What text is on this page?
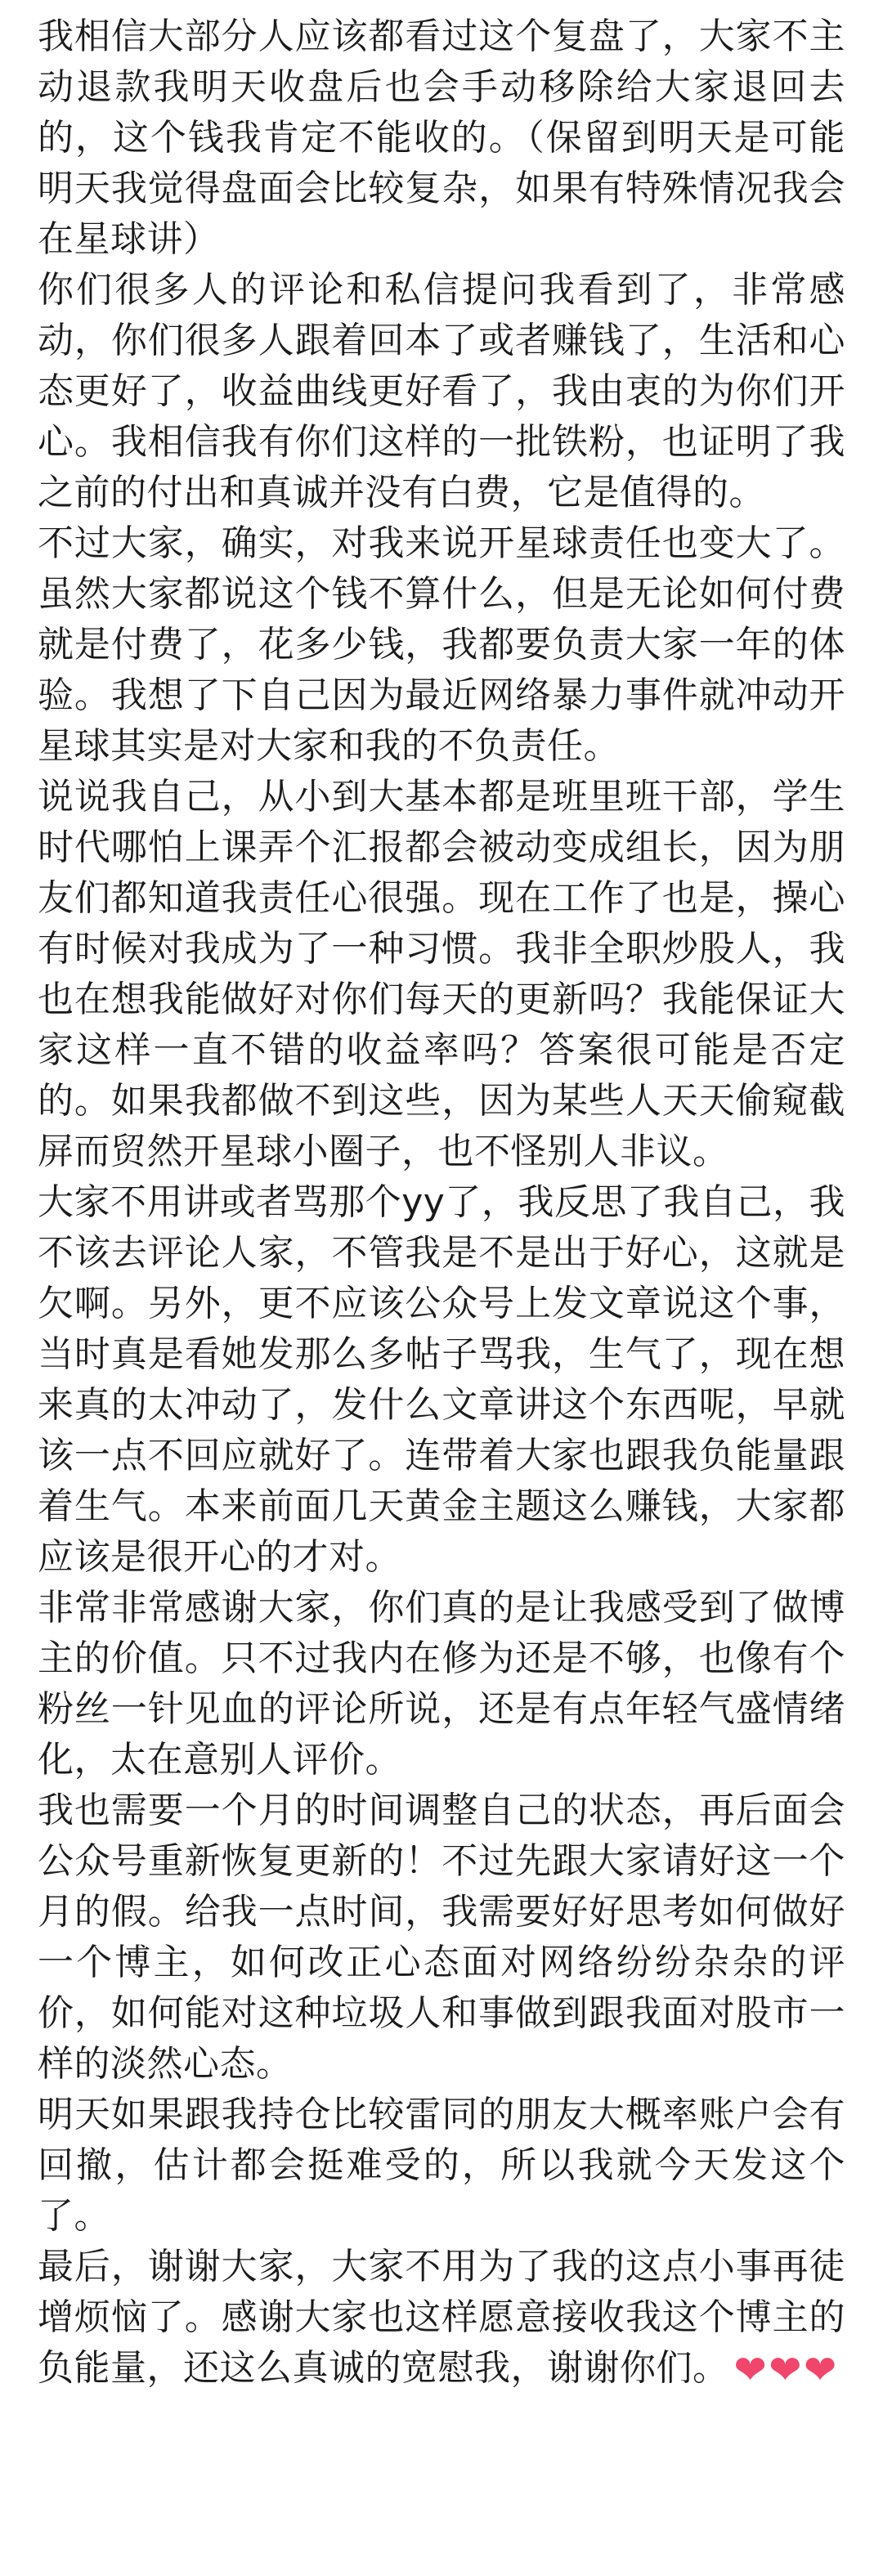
我相信大部分人应该都看过这个复盘了，大家不主动退款我明天收盘后也会手动移除给大家退回去的，这个钱我肯定不能收的。（保留到明天是可能明天我觉得盘面会比较复杂，如果有特殊情况我会在星球讲）

你们很多人的评论和私信提问我看到了，非常感动，你们很多人跟着回本了或者赚钱了，生活和心态更好了，收益曲线更好看了，我由衷的为你们开心。我相信我有你们这样的一批铁粉，也证明了我之前的付出和真诚并没有白费，它是值得的。

不过大家，确实，对我来说开星球责任也变大了。虽然大家都说这个钱不算什么，但是无论如何付费就是付费了，花多少钱，我都要负责大家一年的体验。我想了下自己因为最近网络暴力事件就冲动开星球其实是对大家和我的不负责任。

说说我自己，从小到大基本都是班里班干部，学生时代哪怕上课弄个汇报都会被动变成组长，因为朋友们都知道我责任心很强。现在工作了也是，操心有时候对我成为了一种习惯。我非全职炒股人，我也在想我能做好对你们每天的更新吗？我能保证大家这样一直不错的收益率吗？答案很可能是否定的。如果我都做不到这些，因为某些人天天偷窥截屏而贸然开星球小圈子，也不怪别人非议。

大家不用讲或者骂那个yy了，我反思了我自己，我不该去评论人家，不管我是不是出于好心，这就是欠啊。另外，更不应该公众号上发文章说这个事，当时真是看她发那么多帖子骂我，生气了，现在想来真的太冲动了，发什么文章讲这个东西呢，早就该一点不回应就好了。连带着大家也跟我负能量跟着生气。本来前面几天黄金主题这么赚钱，大家都应该是很开心的才对。

非常非常感谢大家，你们真的是让我感受到了做博主的价值。只不过我内在修为还是不够，也像有个粉丝一针见血的评论所说，还是有点年轻气盛情绪化，太在意别人评价。

我也需要一个月的时间调整自己的状态，再后面会公众号重新恢复更新的！不过先跟大家请好这一个月的假。给我一点时间，我需要好好思考如何做好一个博主，如何改正心态面对网络纷纷杂杂的评价，如何能对这种垃圾人和事做到跟我面对股市一样的淡然心态。

明天如果跟我持仓比较雷同的朋友大概率账户会有回撤，估计都会挺难受的，所以我就今天发这个了。

最后，谢谢大家，大家不用为了我的这点小事再徒增烦恼了。感谢大家也这样愿意接收我这个博主的负能量，还这么真诚的宽慰我，谢谢你们。 ❤❤❤
